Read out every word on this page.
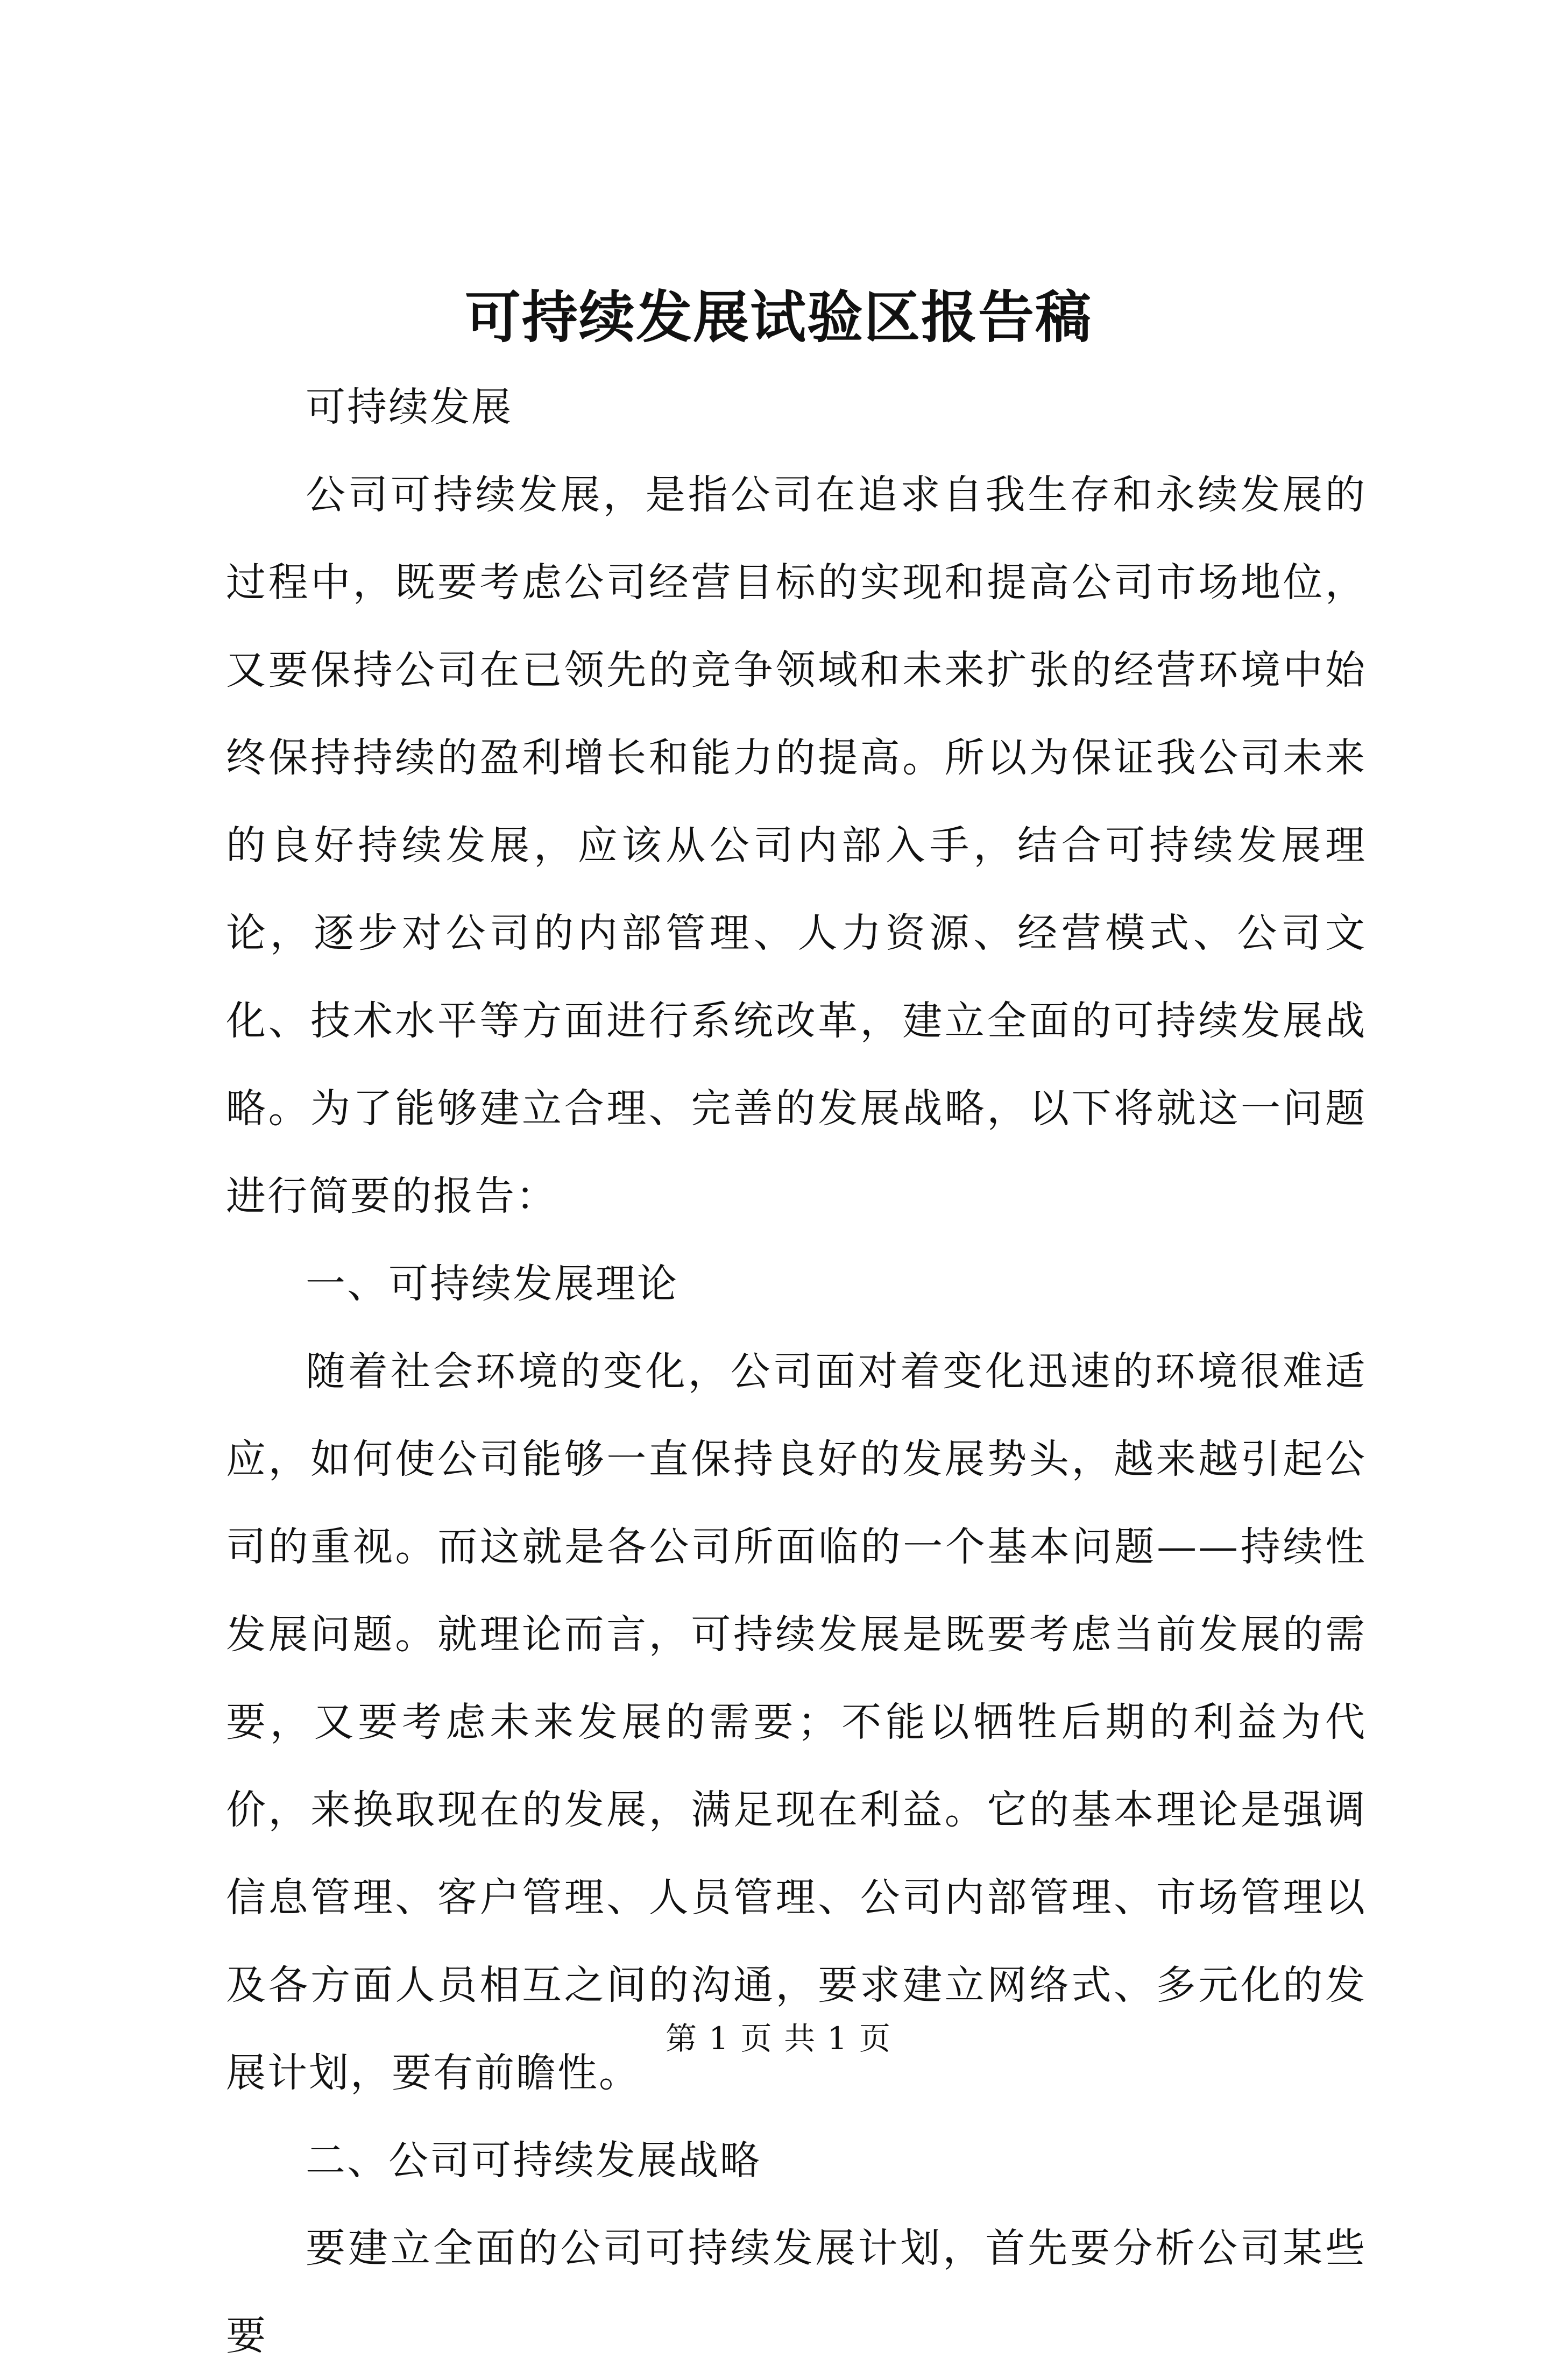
可持续发展试验区报告稿

可持续发展

公司可持续发展，是指公司在追求自我生存和永续发展的过程中，既要考虑公司经营目标的实现和提高公司市场地位，又要保持公司在已领先的竞争领域和未来扩张的经营环境中始终保持持续的盈利增长和能力的提高。所以为保证我公司未来的良好持续发展，应该从公司内部入手，结合可持续发展理论，逐步对公司的内部管理、人力资源、经营模式、公司文化、技术水平等方面进行系统改革，建立全面的可持续发展战略。为了能够建立合理、完善的发展战略，以下将就这一问题进行简要的报告：

一、可持续发展理论

随着社会环境的变化，公司面对着变化迅速的环境很难适应，如何使公司能够一直保持良好的发展势头，越来越引起公司的重视。而这就是各公司所面临的一个基本问题——持续性发展问题。就理论而言，可持续发展是既要考虑当前发展的需要，又要考虑未来发展的需要；不能以牺牲后期的利益为代价，来换取现在的发展，满足现在利益。它的基本理论是强调信息管理、客户管理、人员管理、公司内部管理、市场管理以及各方面人员相互之间的沟通，要求建立网络式、多元化的发展计划，要有前瞻性。

二、公司可持续发展战略

要建立全面的公司可持续发展计划，首先要分析公司某些要

第 1 页 共 1 页
